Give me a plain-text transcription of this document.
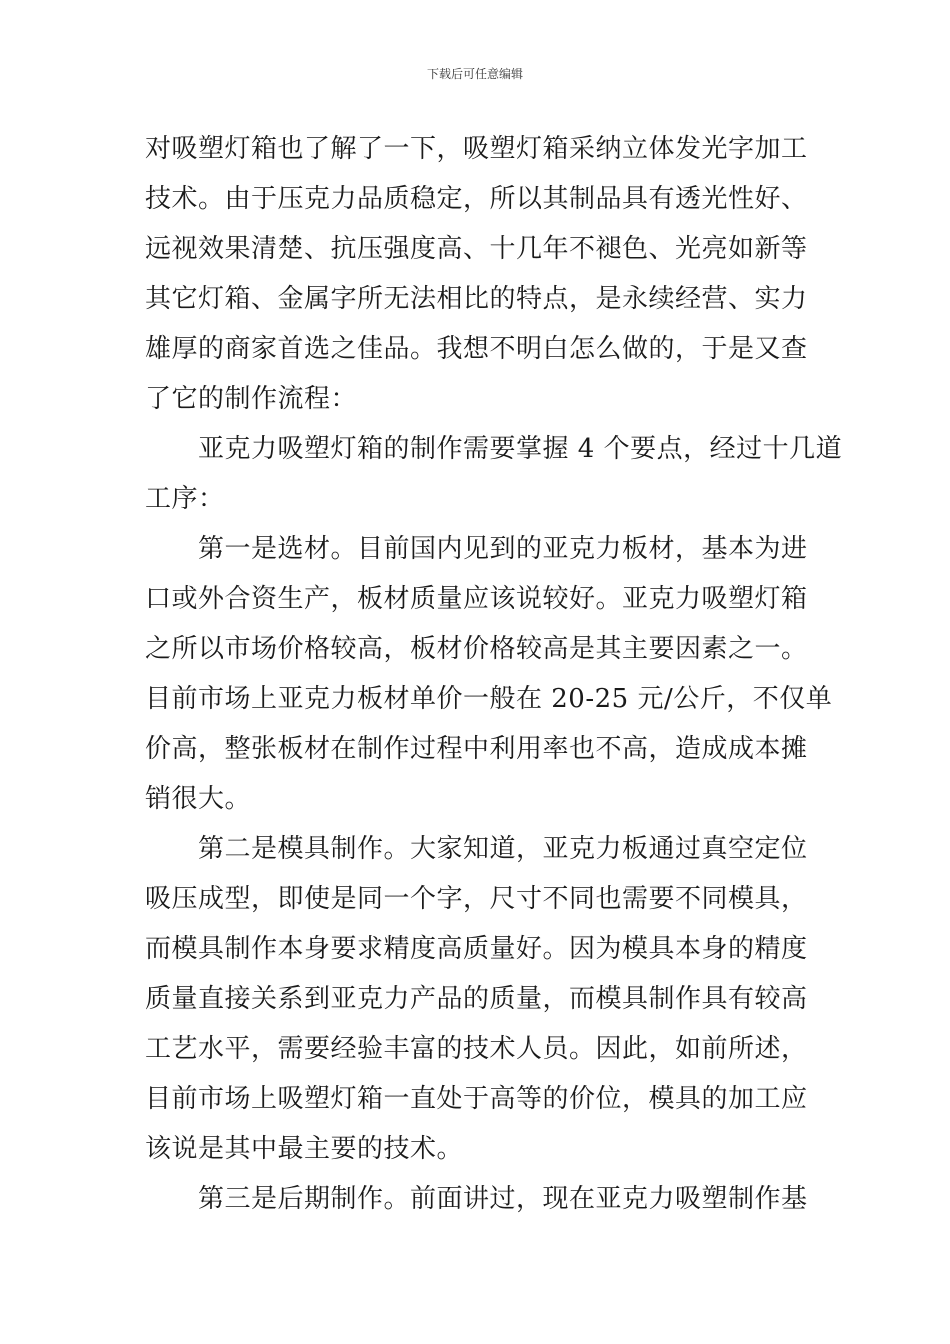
下载后可任意编辑

对吸塑灯箱也了解了一下，吸塑灯箱采纳立体发光字加工
技术。由于压克力品质稳定，所以其制品具有透光性好、
远视效果清楚、抗压强度高、十几年不褪色、光亮如新等
其它灯箱、金属字所无法相比的特点，是永续经营、实力
雄厚的商家首选之佳品。我想不明白怎么做的，于是又查
了它的制作流程：

亚克力吸塑灯箱的制作需要掌握 4 个要点，经过十几道
工序：

第一是选材。目前国内见到的亚克力板材，基本为进
口或外合资生产，板材质量应该说较好。亚克力吸塑灯箱
之所以市场价格较高，板材价格较高是其主要因素之一。
目前市场上亚克力板材单价一般在 20-25 元/公斤，不仅单
价高，整张板材在制作过程中利用率也不高，造成成本摊
销很大。

第二是模具制作。大家知道，亚克力板通过真空定位
吸压成型，即使是同一个字，尺寸不同也需要不同模具，
而模具制作本身要求精度高质量好。因为模具本身的精度
质量直接关系到亚克力产品的质量，而模具制作具有较高
工艺水平，需要经验丰富的技术人员。因此，如前所述，
目前市场上吸塑灯箱一直处于高等的价位，模具的加工应
该说是其中最主要的技术。

第三是后期制作。前面讲过，现在亚克力吸塑制作基
